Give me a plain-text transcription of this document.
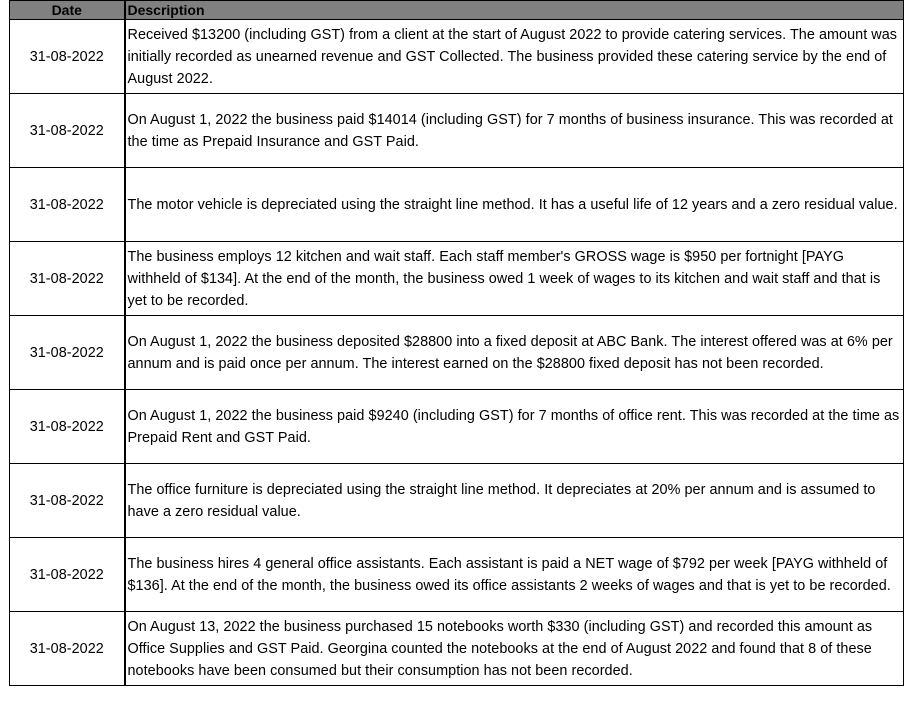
Date	Description
31-08-2022	Received $13200 (including GST) from a client at the start of August 2022 to provide catering services. The amount was initially recorded as unearned revenue and GST Collected. The business provided these catering service by the end of August 2022.
31-08-2022	On August 1, 2022 the business paid $14014 (including GST) for 7 months of business insurance. This was recorded at the time as Prepaid Insurance and GST Paid.
31-08-2022	The motor vehicle is depreciated using the straight line method. It has a useful life of 12 years and a zero residual value.
31-08-2022	The business employs 12 kitchen and wait staff. Each staff member's GROSS wage is $950 per fortnight [PAYG withheld of $134]. At the end of the month, the business owed 1 week of wages to its kitchen and wait staff and that is yet to be recorded.
31-08-2022	On August 1, 2022 the business deposited $28800 into a fixed deposit at ABC Bank. The interest offered was at 6% per annum and is paid once per annum. The interest earned on the $28800 fixed deposit has not been recorded.
31-08-2022	On August 1, 2022 the business paid $9240 (including GST) for 7 months of office rent. This was recorded at the time as Prepaid Rent and GST Paid.
31-08-2022	The office furniture is depreciated using the straight line method. It depreciates at 20% per annum and is assumed to have a zero residual value.
31-08-2022	The business hires 4 general office assistants. Each assistant is paid a NET wage of $792 per week [PAYG withheld of $136]. At the end of the month, the business owed its office assistants 2 weeks of wages and that is yet to be recorded.
31-08-2022	On August 13, 2022 the business purchased 15 notebooks worth $330 (including GST) and recorded this amount as Office Supplies and GST Paid. Georgina counted the notebooks at the end of August 2022 and found that 8 of these notebooks have been consumed but their consumption has not been recorded.
